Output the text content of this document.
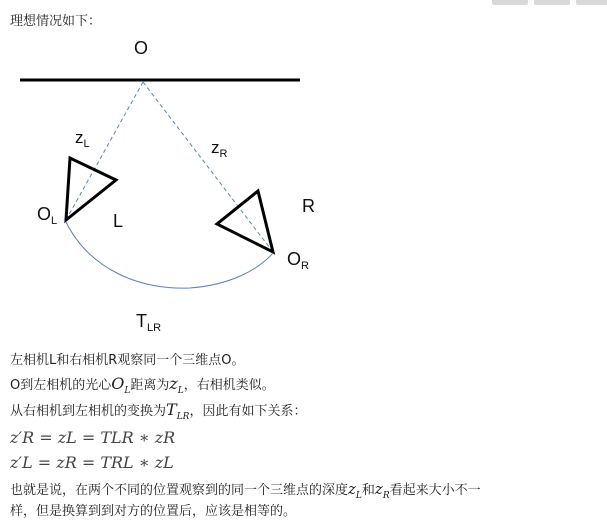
理想情况如下：
O
$z_L$	$z_R$
$O_L$	L
R
$O_R$
$T_{LR}$
左相机L和右相机R观察同一个三维点O。
O到左相机的光心$O_L$距离为$z_L$，右相机类似。
从右相机到左相机的变换为$T_{LR}$，因此有如下关系：
z′R = zL = TLR ∗ zR
z′L = zR = TRL ∗ zL
也就是说，在两个不同的位置观察到的同一个三维点的深度$z_L$和$z_R$看起来大小不一
样，但是换算到到对方的位置后，应该是相等的。
